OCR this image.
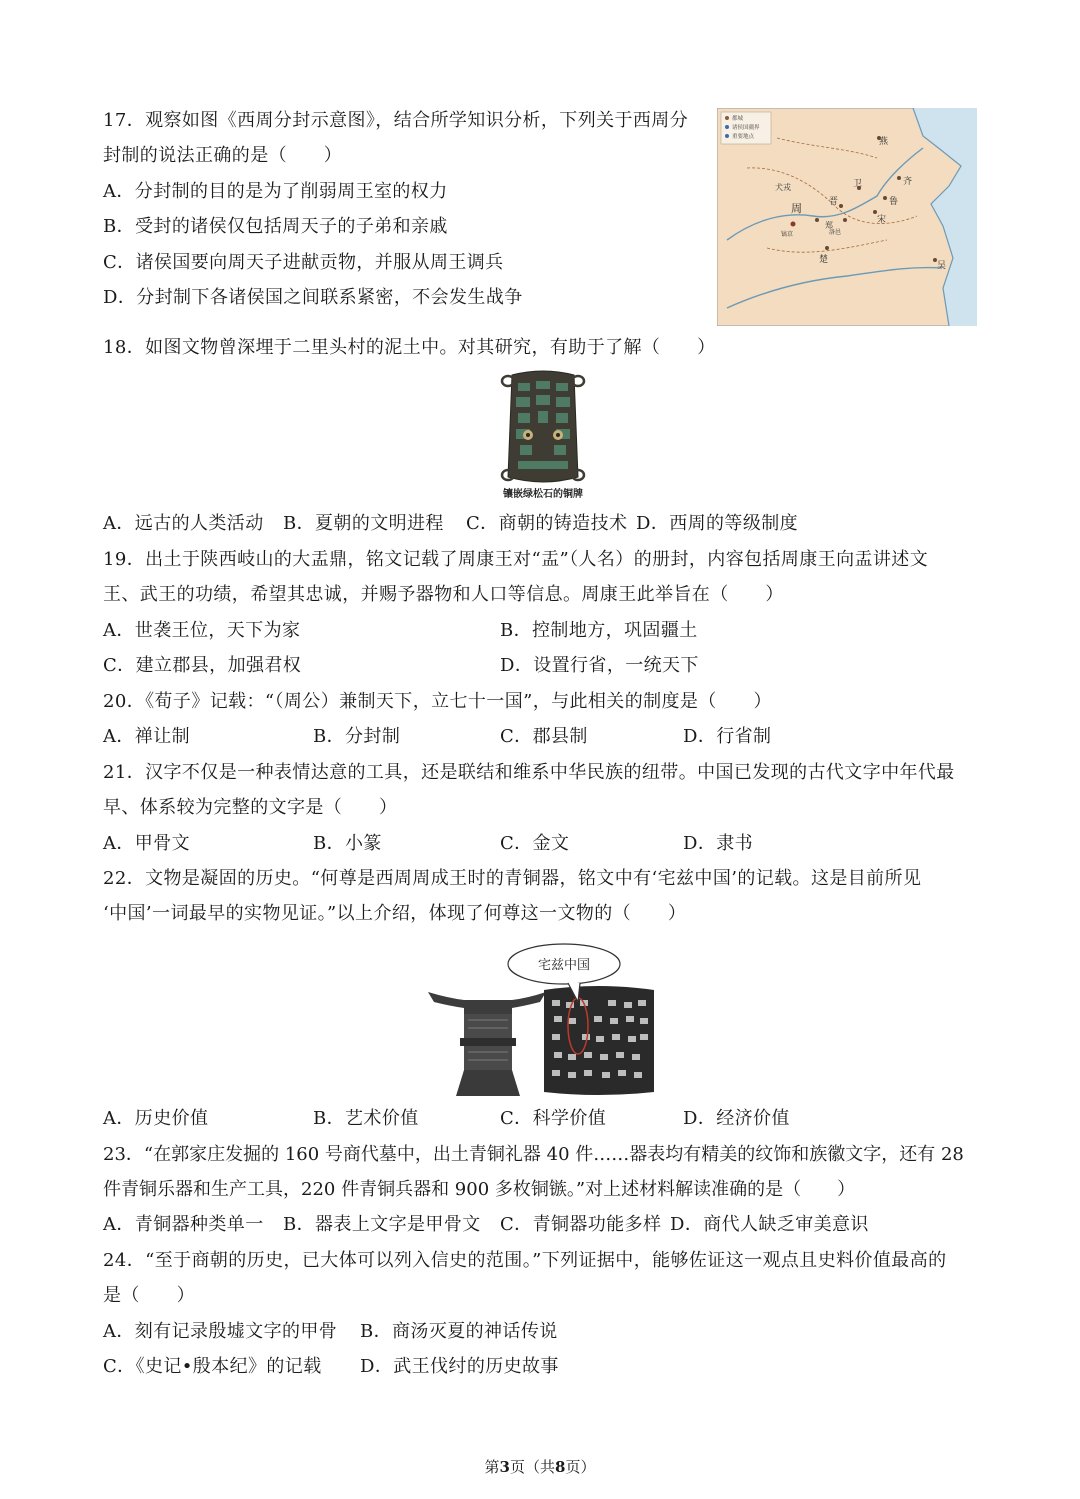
17．观察如图《西周分封示意图》，结合所学知识分析，下列关于西周分
封制的说法正确的是（　　）
A．分封制的目的是为了削弱周王室的权力
B．受封的诸侯仅包括周天子的子弟和亲戚
C．诸侯国要向周天子进献贡物，并服从周王调兵
D．分封制下各诸侯国之间联系紧密，不会发生战争
都城
诸侯国疆界
重要地点	燕
齐
卫
鲁
晋
宋
犬戎
周
郑
镐京	洛邑
楚
吴
18．如图文物曾深埋于二里头村的泥土中。对其研究，有助于了解（　　）
镶嵌绿松石的铜牌
A．远古的人类活动 B．夏朝的文明进程 C．商朝的铸造技术 D．西周的等级制度
19．出土于陕西岐山的大盂鼎，铭文记载了周康王对“盂”（人名）的册封，内容包括周康王向盂讲述文
王、武王的功绩，希望其忠诚，并赐予器物和人口等信息。周康王此举旨在（　　）
A．世袭王位，天下为家	B．控制地方，巩固疆土
C．建立郡县，加强君权	D．设置行省，一统天下
20．《荀子》记载：“（周公）兼制天下，立七十一国”，与此相关的制度是（　　）
A．禅让制	B．分封制	C．郡县制	D．行省制
21．汉字不仅是一种表情达意的工具，还是联结和维系中华民族的纽带。中国已发现的古代文字中年代最
早、体系较为完整的文字是（　　）
A．甲骨文	B．小篆	C．金文	D．隶书
22．文物是凝固的历史。“何尊是西周周成王时的青铜器，铭文中有‘宅兹中国’的记载。这是目前所见
‘中国’一词最早的实物见证。”以上介绍，体现了何尊这一文物的（　　）
宅兹中国
A．历史价值	B．艺术价值	C．科学价值	D．经济价值
23．“在郭家庄发掘的 160 号商代墓中，出土青铜礼器 40 件……器表均有精美的纹饰和族徽文字，还有 28
件青铜乐器和生产工具，220 件青铜兵器和 900 多枚铜镞。”对上述材料解读准确的是（　　）
A．青铜器种类单一 B．器表上文字是甲骨文 C．青铜器功能多样 D．商代人缺乏审美意识
24．“至于商朝的历史，已大体可以列入信史的范围。”下列证据中，能够佐证这一观点且史料价值最高的
是（　　）
A．刻有记录殷墟文字的甲骨 B．商汤灭夏的神话传说
C．《史记•殷本纪》的记载 D．武王伐纣的历史故事
第3页（共8页）
